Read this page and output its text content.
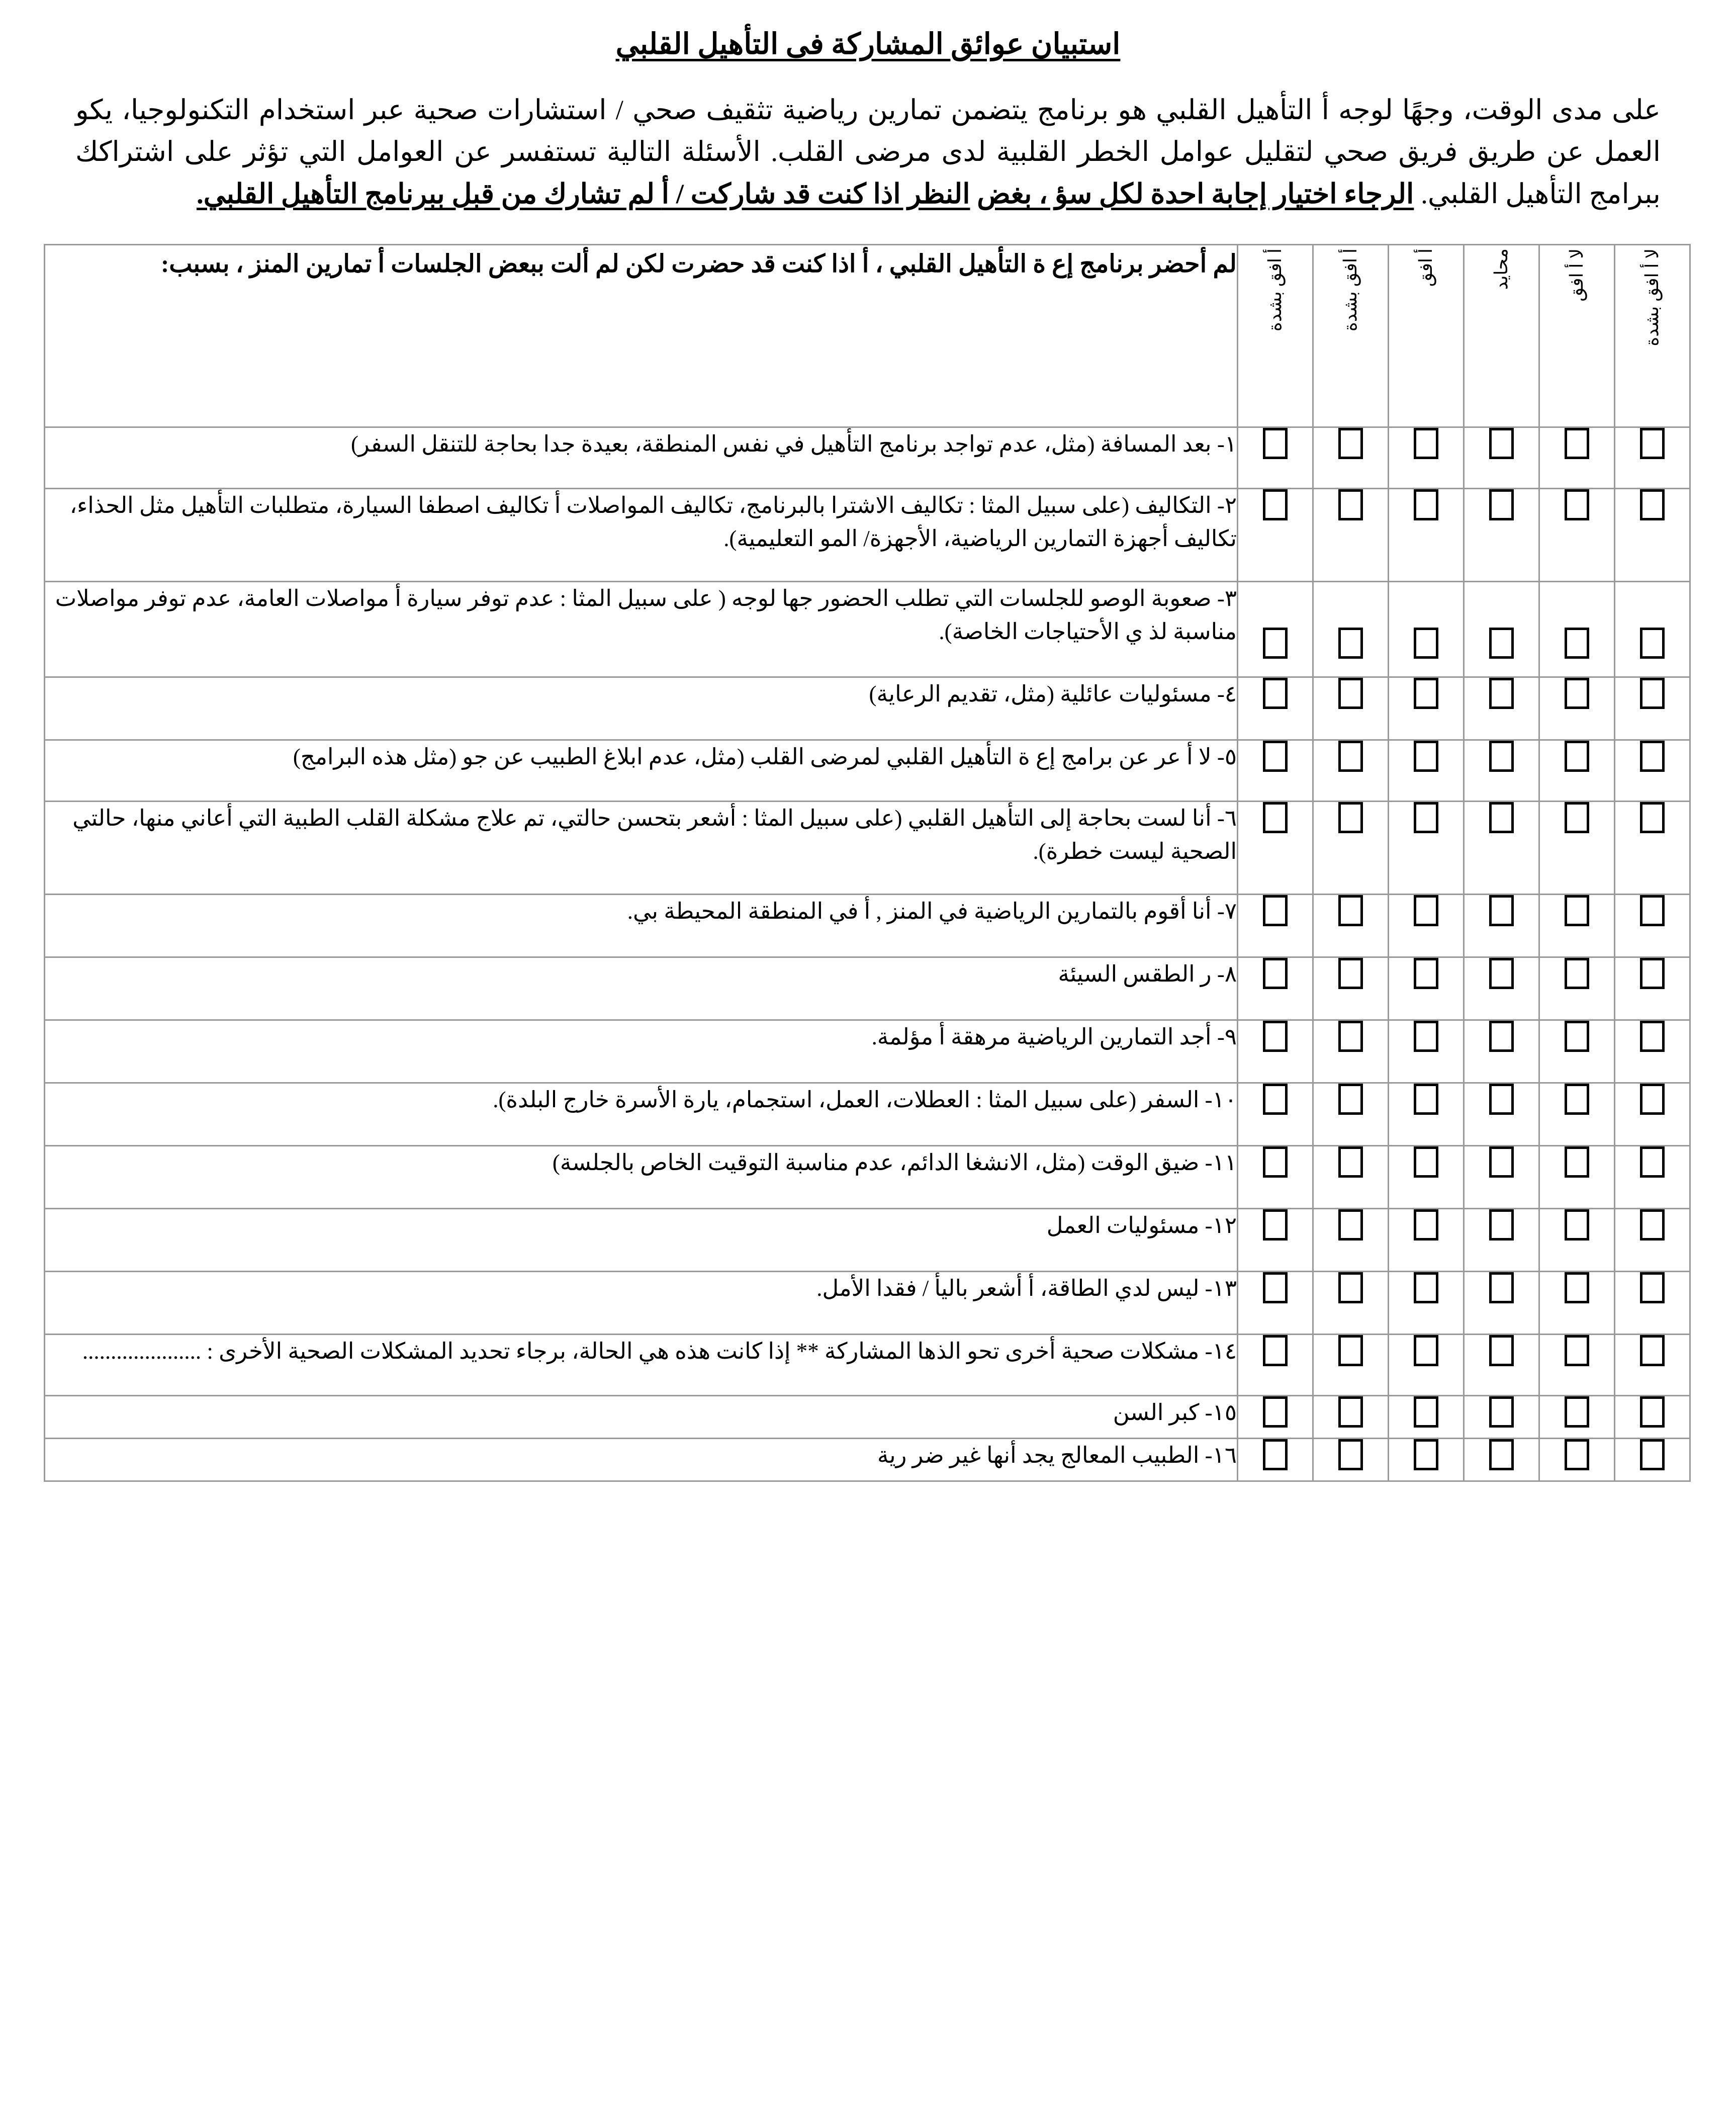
استبيان عوائق المشاركة فى التأهيل القلبي
على مدى الوقت، وجهًا لوجه أ التأهيل القلبي هو برنامج يتضمن تمارين رياضية تثقيف صحي / استشارات صحية عبر استخدام التكنولوجيا، يكو العمل عن طريق فريق صحي لتقليل عوامل الخطر القلبية لدى مرضى القلب. الأسئلة التالية تستفسر عن العوامل التي تؤثر على اشتراكك ببرامج التأهيل القلبي. الرجاء اختيار إجابة احدة لكل سؤ ، بغض النظر اذا كنت قد شاركت / أ لم تشارك من قبل ببرنامج التأهيل القلبي.
لا أ افق بشدة	لا أ افق	محايد	أ افق	أ افق بشدة	أ افق بشدة	لم أحضر برنامج إع ة التأهيل القلبي ، أ اذا كنت قد حضرت لكن لم ألت ببعض الجلسات أ تمارين المنز ، بسبب:
						١- بعد المسافة (مثل، عدم تواجد برنامج التأهيل في نفس المنطقة، بعيدة جدا بحاجة للتنقل السفر)
						٢- التكاليف (على سبيل المثا : تكاليف الاشترا بالبرنامج، تكاليف المواصلات أ تكاليف اصطفا السيارة، متطلبات التأهيل مثل الحذاء، تكاليف أجهزة التمارين الرياضية، الأجهزة/ المو التعليمية).
						٣- صعوبة الوصو للجلسات التي تطلب الحضور جها لوجه ( على سبيل المثا : عدم توفر سيارة أ مواصلات العامة، عدم توفر مواصلات مناسبة لذ ي الأحتياجات الخاصة).
						٤- مسئوليات عائلية (مثل، تقديم الرعاية)
						٥- لا أ عر عن برامج إع ة التأهيل القلبي لمرضى القلب (مثل، عدم ابلاغ الطبيب عن جو (مثل هذه البرامج)
						٦- أنا لست بحاجة إلى التأهيل القلبي (على سبيل المثا : أشعر بتحسن حالتي، تم علاج مشكلة القلب الطبية التي أعاني منها، حالتي الصحية ليست خطرة).
						٧- أنا أقوم بالتمارين الرياضية في المنز , أ في المنطقة المحيطة بي.
						٨- ر الطقس السيئة
						٩- أجد التمارين الرياضية مرهقة أ مؤلمة.
						١٠- السفر (على سبيل المثا : العطلات، العمل، استجمام، يارة الأسرة خارج البلدة).
						١١- ضيق الوقت (مثل، الانشغا الدائم، عدم مناسبة التوقيت الخاص بالجلسة)
						١٢- مسئوليات العمل
						١٣- ليس لدي الطاقة، أ أشعر باليأ / فقدا الأمل.
						١٤- مشكلات صحية أخرى تحو الذها المشاركة ** إذا كانت هذه هي الحالة، برجاء تحديد المشكلات الصحية الأخرى : .....................
						١٥- كبر السن
						١٦- الطبيب المعالج يجد أنها غير ضر رية
